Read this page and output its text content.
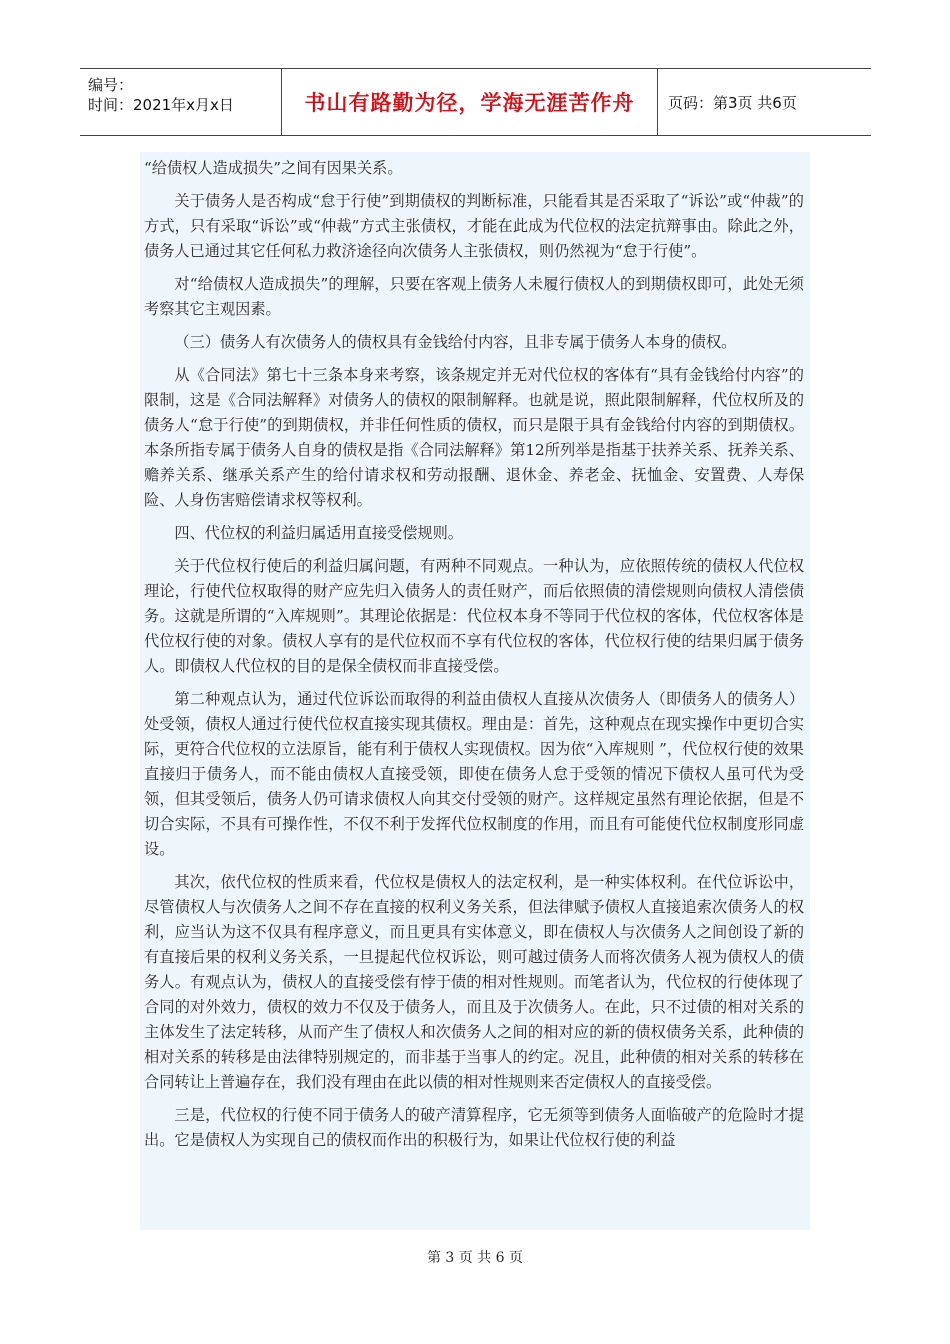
编号：
时间：2021年x月x日	书山有路勤为径，学海无涯苦作舟	页码：第3页 共6页

“给债权人造成损失”之间有因果关系。

关于债务人是否构成“怠于行使”到期债权的判断标准，只能看其是否采取了“诉讼”或“仲裁”的方式，只有采取“诉讼”或“仲裁”方式主张债权，才能在此成为代位权的法定抗辩事由。除此之外，债务人已通过其它任何私力救济途径向次债务人主张债权，则仍然视为“怠于行使”。

对“给债权人造成损失”的理解，只要在客观上债务人未履行债权人的到期债权即可，此处无须考察其它主观因素。

（三）债务人有次债务人的债权具有金钱给付内容，且非专属于债务人本身的债权。

从《合同法》第七十三条本身来考察，该条规定并无对代位权的客体有“具有金钱给付内容”的限制，这是《合同法解释》对债务人的债权的限制解释。也就是说，照此限制解释，代位权所及的债务人“怠于行使”的到期债权，并非任何性质的债权，而只是限于具有金钱给付内容的到期债权。本条所指专属于债务人自身的债权是指《合同法解释》第12所列举是指基于扶养关系、抚养关系、赡养关系、继承关系产生的给付请求权和劳动报酬、退休金、养老金、抚恤金、安置费、人寿保险、人身伤害赔偿请求权等权利。

四、代位权的利益归属适用直接受偿规则。

关于代位权行使后的利益归属问题，有两种不同观点。一种认为，应依照传统的债权人代位权理论，行使代位权取得的财产应先归入债务人的责任财产，而后依照债的清偿规则向债权人清偿债务。这就是所谓的“入库规则”。其理论依据是：代位权本身不等同于代位权的客体，代位权客体是代位权行使的对象。债权人享有的是代位权而不享有代位权的客体，代位权行使的结果归属于债务人。即债权人代位权的目的是保全债权而非直接受偿。

第二种观点认为，通过代位诉讼而取得的利益由债权人直接从次债务人（即债务人的债务人）处受领，债权人通过行使代位权直接实现其债权。理由是：首先，这种观点在现实操作中更切合实际，更符合代位权的立法原旨，能有利于债权人实现债权。因为依“入库规则 ”，代位权行使的效果直接归于债务人，而不能由债权人直接受领，即使在债务人怠于受领的情况下债权人虽可代为受领，但其受领后，债务人仍可请求债权人向其交付受领的财产。这样规定虽然有理论依据，但是不切合实际，不具有可操作性，不仅不利于发挥代位权制度的作用，而且有可能使代位权制度形同虚设。

其次，依代位权的性质来看，代位权是债权人的法定权利，是一种实体权利。在代位诉讼中，尽管债权人与次债务人之间不存在直接的权利义务关系，但法律赋予债权人直接追索次债务人的权利，应当认为这不仅具有程序意义，而且更具有实体意义，即在债权人与次债务人之间创设了新的有直接后果的权利义务关系，一旦提起代位权诉讼，则可越过债务人而将次债务人视为债权人的债务人。有观点认为，债权人的直接受偿有悖于债的相对性规则。而笔者认为，代位权的行使体现了合同的对外效力，债权的效力不仅及于债务人，而且及于次债务人。在此，只不过债的相对关系的主体发生了法定转移，从而产生了债权人和次债务人之间的相对应的新的债权债务关系，此种债的相对关系的转移是由法律特别规定的，而非基于当事人的约定。况且，此种债的相对关系的转移在合同转让上普遍存在，我们没有理由在此以债的相对性规则来否定债权人的直接受偿。

三是，代位权的行使不同于债务人的破产清算程序，它无须等到债务人面临破产的危险时才提出。它是债权人为实现自己的债权而作出的积极行为，如果让代位权行使的利益

第 3 页 共 6 页
